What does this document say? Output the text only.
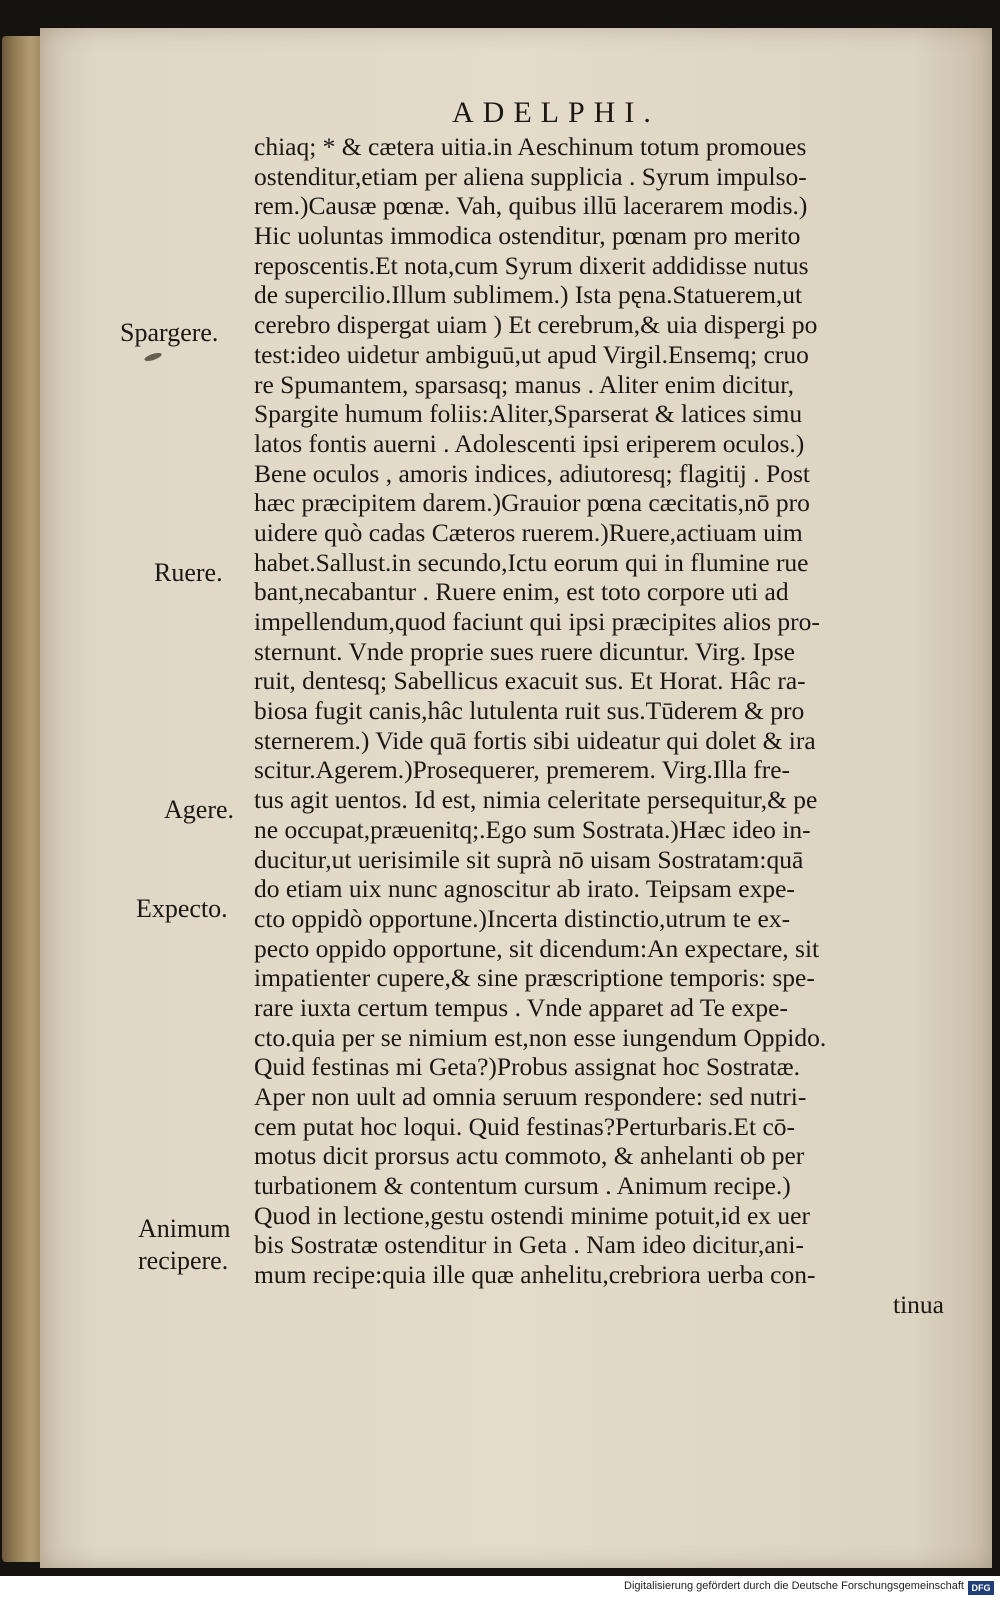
ADELPHI.
Spargere.
Ruere.
Agere.
Expecto.
Animum
recipere.
chiaq; * & cætera uitia.in Aeschinum totum promoues
ostenditur,etiam per aliena supplicia . Syrum impulso-
rem.)Causæ pœnæ. Vah, quibus illū lacerarem modis.)
Hic uoluntas immodica ostenditur, pœnam pro merito
reposcentis.Et nota,cum Syrum dixerit addidisse nutus
de supercilio.Illum sublimem.) Ista pęna.Statuerem,ut
cerebro dispergat uiam ) Et cerebrum,& uia dispergi po
test:ideo uidetur ambiguū,ut apud Virgil.Ensemq; cruo
re Spumantem, sparsasq; manus . Aliter enim dicitur,
Spargite humum foliis:Aliter,Sparserat & latices simu
latos fontis auerni . Adolescenti ipsi eriperem oculos.)
Bene oculos , amoris indices, adiutoresq; flagitij . Post
hæc præcipitem darem.)Grauior pœna cæcitatis,nō pro
uidere quò cadas Cæteros ruerem.)Ruere,actiuam uim
habet.Sallust.in secundo,Ictu eorum qui in flumine rue
bant,necabantur . Ruere enim, est toto corpore uti ad
impellendum,quod faciunt qui ipsi præcipites alios pro-
sternunt. Vnde proprie sues ruere dicuntur. Virg. Ipse
ruit, dentesq; Sabellicus exacuit sus. Et Horat. Hâc ra-
biosa fugit canis,hâc lutulenta ruit sus.Tūderem & pro
sternerem.) Vide quā fortis sibi uideatur qui dolet & ira
scitur.Agerem.)Prosequerer, premerem. Virg.Illa fre-
tus agit uentos. Id est, nimia celeritate persequitur,& pe
ne occupat,præuenitq;.Ego sum Sostrata.)Hæc ideo in-
ducitur,ut uerisimile sit suprà nō uisam Sostratam:quā
do etiam uix nunc agnoscitur ab irato. Teipsam expe-
cto oppidò opportune.)Incerta distinctio,utrum te ex-
pecto oppido opportune, sit dicendum:An expectare, sit
impatienter cupere,& sine præscriptione temporis: spe-
rare iuxta certum tempus . Vnde apparet ad Te expe-
cto.quia per se nimium est,non esse iungendum Oppido.
Quid festinas mi Geta?)Probus assignat hoc Sostratæ.
Aper non uult ad omnia seruum respondere: sed nutri-
cem putat hoc loqui. Quid festinas?Perturbaris.Et cō-
motus dicit prorsus actu commoto, & anhelanti ob per
turbationem & contentum cursum . Animum recipe.)
Quod in lectione,gestu ostendi minime potuit,id ex uer
bis Sostratæ ostenditur in Geta . Nam ideo dicitur,ani-
mum recipe:quia ille quæ anhelitu,crebriora uerba con-
tinua
Digitalisierung gefördert durch die Deutsche Forschungsgemeinschaft DFG
